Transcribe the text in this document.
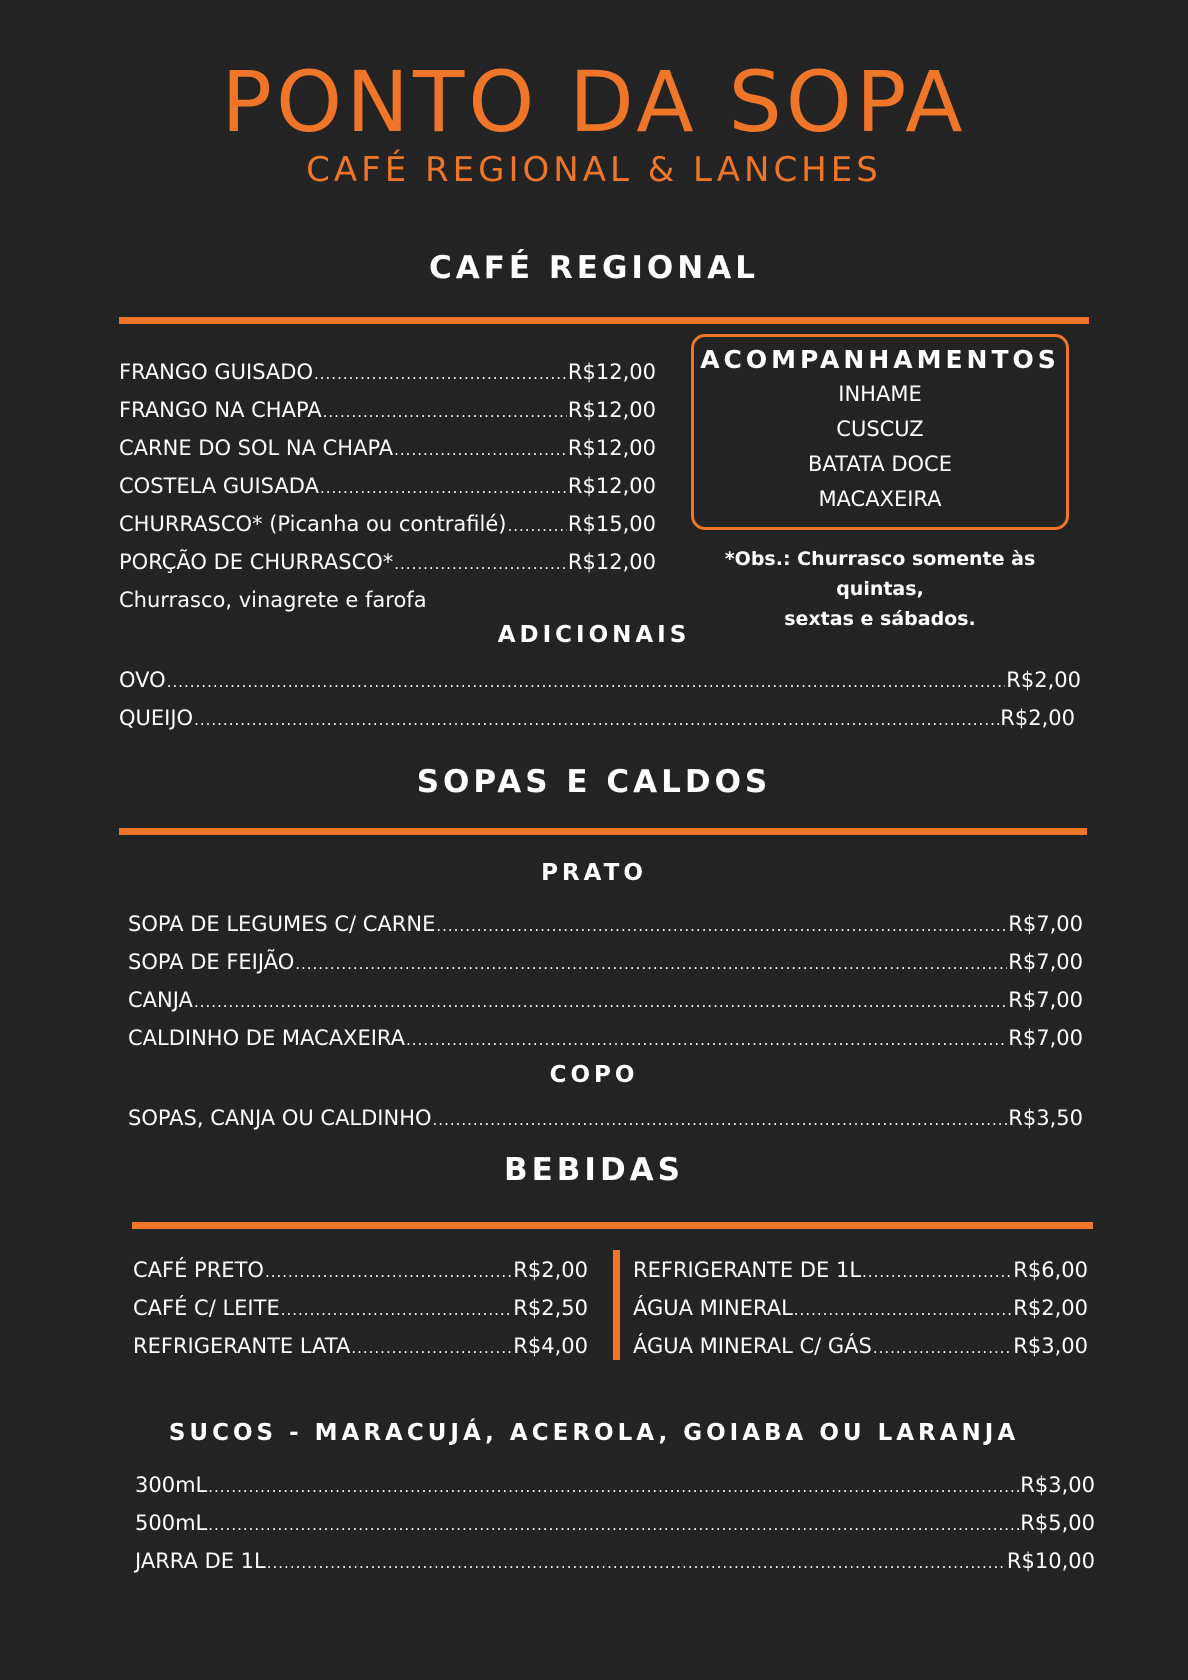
PONTO DA SOPA
CAFÉ REGIONAL & LANCHES
CAFÉ REGIONAL
FRANGO GUISADO .....	R$12,00
FRANGO NA CHAPA .....	R$12,00
CARNE DO SOL NA CHAPA .....	R$12,00
COSTELA GUISADA .....	R$12,00
CHURRASCO* (Picanha ou contrafilé) .....	R$15,00
PORÇÃO DE CHURRASCO* .....	R$12,00
Churrasco, vinagrete e farofa
ACOMPANHAMENTOS
INHAME
CUSCUZ
BATATA DOCE
MACAXEIRA
*Obs.: Churrasco somente às quintas,
sextas e sábados.
ADICIONAIS
OVO .....	R$2,00
QUEIJO .....	R$2,00
SOPAS E CALDOS
PRATO
SOPA DE LEGUMES C/ CARNE .....	R$7,00
SOPA DE FEIJÃO .....	R$7,00
CANJA .....	R$7,00
CALDINHO DE MACAXEIRA .....	R$7,00
COPO
SOPAS, CANJA OU CALDINHO .....	R$3,50
BEBIDAS
CAFÉ PRETO .....	R$2,00
CAFÉ C/ LEITE .....	R$2,50
REFRIGERANTE LATA .....	R$4,00
REFRIGERANTE DE 1L .....	R$6,00
ÁGUA MINERAL .....	R$2,00
ÁGUA MINERAL C/ GÁS .....	R$3,00
SUCOS - MARACUJÁ, ACEROLA, GOIABA OU LARANJA
300mL .....	R$3,00
500mL .....	R$5,00
JARRA DE 1L .....	R$10,00
